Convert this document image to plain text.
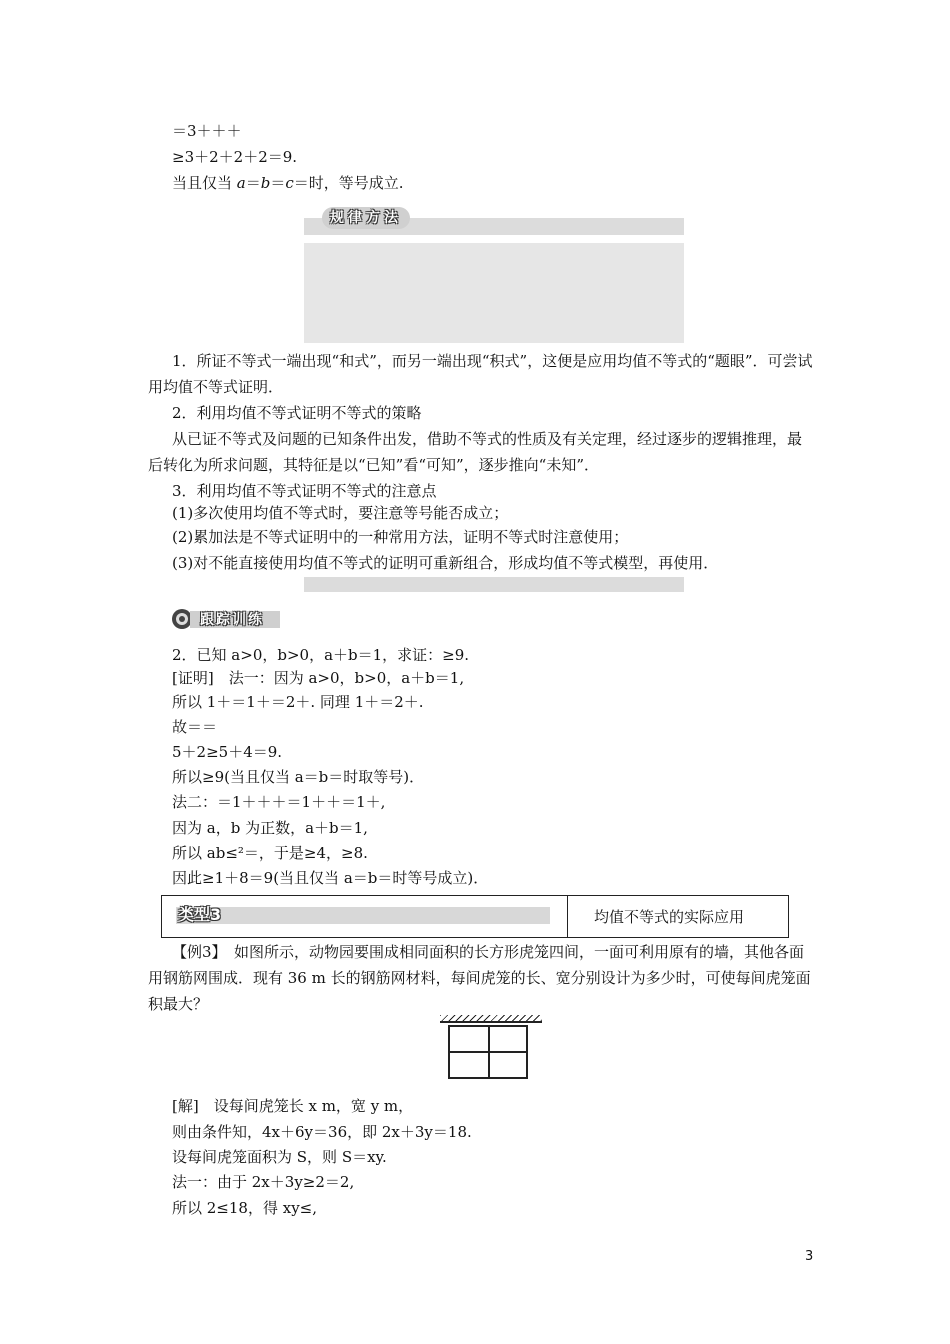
＝3＋＋＋
≥3＋2＋2＋2＝9.
当且仅当 a＝b＝c＝时，等号成立.
规律方法
1．所证不等式一端出现“和式”，而另一端出现“积式”，这便是应用均值不等式的“题眼”．可尝试用均值不等式证明．
2．利用均值不等式证明不等式的策略
从已证不等式及问题的已知条件出发，借助不等式的性质及有关定理，经过逐步的逻辑推理，最后转化为所求问题，其特征是以“已知”看“可知”，逐步推向“未知”．
3．利用均值不等式证明不等式的注意点
(1)多次使用均值不等式时，要注意等号能否成立；
(2)累加法是不等式证明中的一种常用方法，证明不等式时注意使用；
(3)对不能直接使用均值不等式的证明可重新组合，形成均值不等式模型，再使用．
跟踪训练
2．已知 a>0，b>0，a＋b＝1，求证：≥9.
[证明]　法一：因为 a>0，b>0，a＋b＝1,
所以 1＋＝1＋＝2＋. 同理 1＋＝2＋.
故＝＝
5＋2≥5＋4＝9.
所以≥9(当且仅当 a＝b＝时取等号)．
法二：＝1＋＋＋＝1＋＋＝1＋,
因为 a，b 为正数，a＋b＝1,
所以 ab≤²＝，于是≥4，≥8.
因此≥1＋8＝9(当且仅当 a＝b＝时等号成立)．
类型3	均值不等式的实际应用
【例3】　如图所示，动物园要围成相同面积的长方形虎笼四间，一面可利用原有的墙，其他各面用钢筋网围成．现有 36 m 长的钢筋网材料，每间虎笼的长、宽分别设计为多少时，可使每间虎笼面积最大？
[解]　设每间虎笼长 x m，宽 y m，
则由条件知，4x＋6y＝36，即 2x＋3y＝18.
设每间虎笼面积为 S，则 S＝xy.
法一：由于 2x＋3y≥2＝2,
所以 2≤18，得 xy≤,
3
